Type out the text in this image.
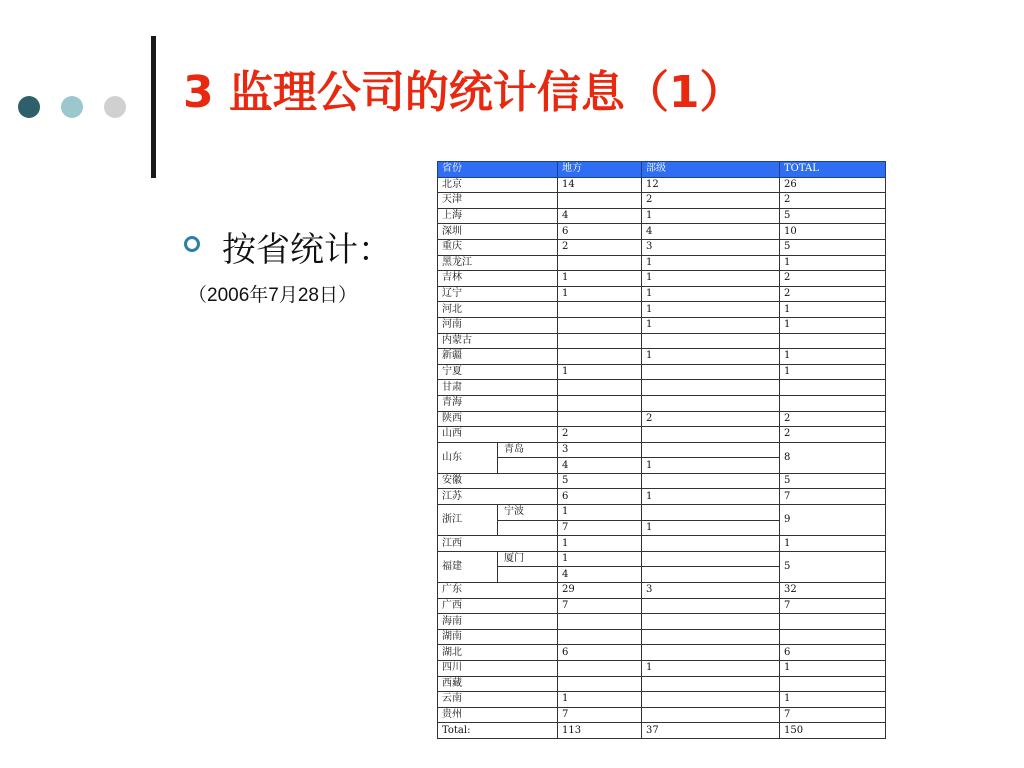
3 监理公司的统计信息（1）
按省统计：
（2006年7月28日）
省份		地方	部级	TOTAL
北京		14	12	26
天津			2	2
上海		4	1	5
深圳		6	4	10
重庆		2	3	5
黑龙江			1	1
吉林		1	1	2
辽宁		1	1	2
河北			1	1
河南			1	1
内蒙古				
新疆			1	1
宁夏		1		1
甘肃				
青海				
陕西			2	2
山西		2		2
山东	青岛	3		8
		4	1	
安徽		5		5
江苏		6	1	7
浙江	宁波	1		9
		7	1	
江西		1		1
福建	厦门	1		5
		4		
广东		29	3	32
广西		7		7
海南				
湖南				
湖北		6		6
四川			1	1
西藏				
云南		1		1
贵州		7		7
Total:		113	37	150
